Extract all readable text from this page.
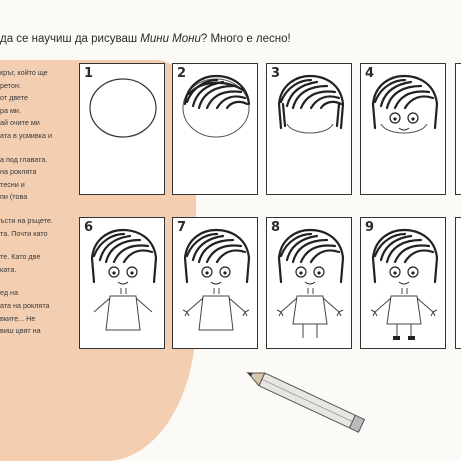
да се научиш да рисуваш Мини Мони? Много е лесно!
кръг, който ще
ретон.
от двете
ра ми.
ай очите ми
ата в усмивка и
а под главата.
на роклята
тесни и
пи (това
ъсти на ръцете.
та. Почти като
те. Като две
ката.
ед на
ата на роклята
вките... Не
виш цвят на
1	2	3	4
6	7	8	9
